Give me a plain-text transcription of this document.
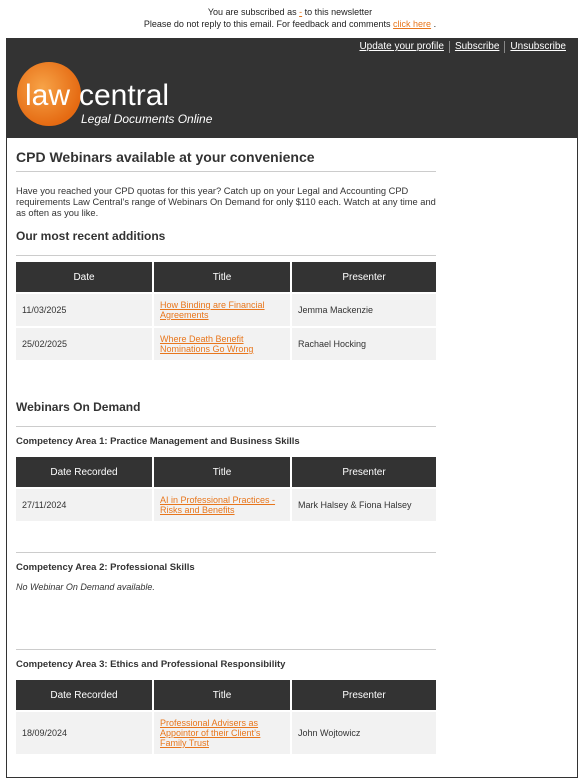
You are subscribed as - to this newsletter
Please do not reply to this email. For feedback and comments click here .
Update your profile	Subscribe	Unsubscribe
law central
Legal Documents Online
CPD Webinars available at your convenience

Have you reached your CPD quotas for this year? Catch up on your Legal and Accounting CPD requirements Law Central’s range of Webinars On Demand for only $110 each. Watch at any time and as often as you like.

Our most recent additions
Date	Title	Presenter
11/03/2025	How Binding are Financial Agreements	Jemma Mackenzie
25/02/2025	Where Death Benefit Nominations Go Wrong	Rachael Hocking
Webinars On Demand
Competency Area 1: Practice Management and Business Skills
Date Recorded	Title	Presenter
27/11/2024	AI in Professional Practices - Risks and Benefits	Mark Halsey & Fiona Halsey
Competency Area 2: Professional Skills

No Webinar On Demand available.

Competency Area 3: Ethics and Professional Responsibility
Date Recorded	Title	Presenter
18/09/2024	Professional Advisers as Appointor of their Client’s Family Trust	John Wojtowicz
